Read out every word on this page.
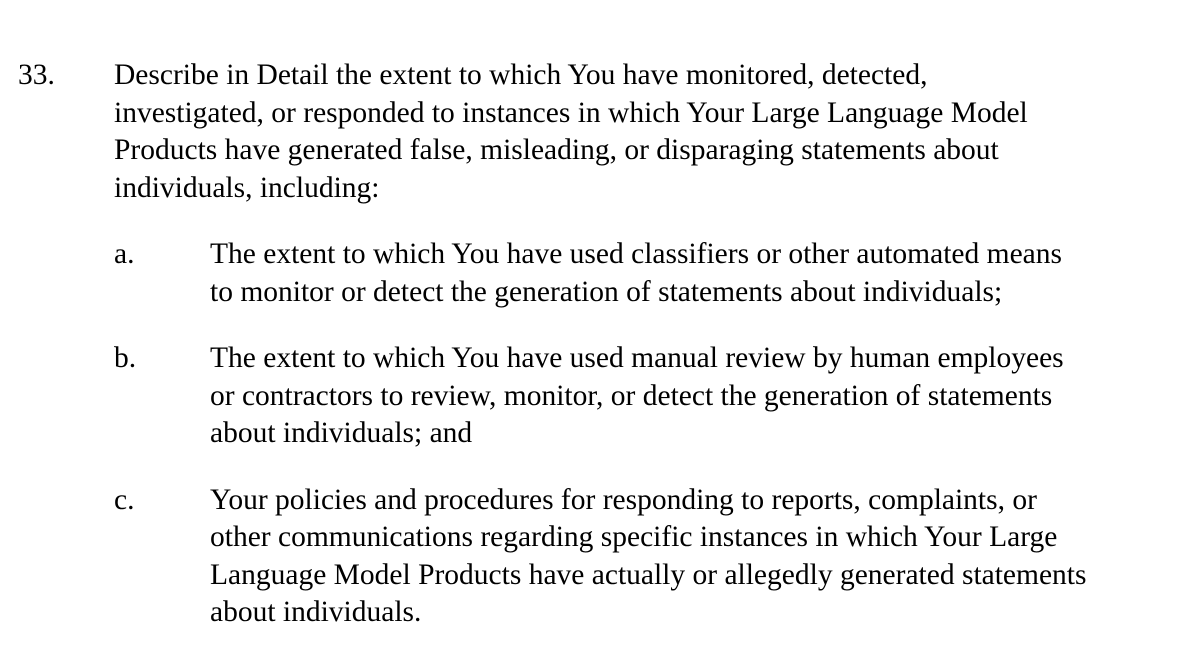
33. Describe in Detail the extent to which You have monitored, detected,
investigated, or responded to instances in which Your Large Language Model
Products have generated false, misleading, or disparaging statements about
individuals, including:
a.	The extent to which You have used classifiers or other automated means
to monitor or detect the generation of statements about individuals;
b.	The extent to which You have used manual review by human employees
or contractors to review, monitor, or detect the generation of statements
about individuals; and
c.	Your policies and procedures for responding to reports, complaints, or
other communications regarding specific instances in which Your Large
Language Model Products have actually or allegedly generated statements
about individuals.
